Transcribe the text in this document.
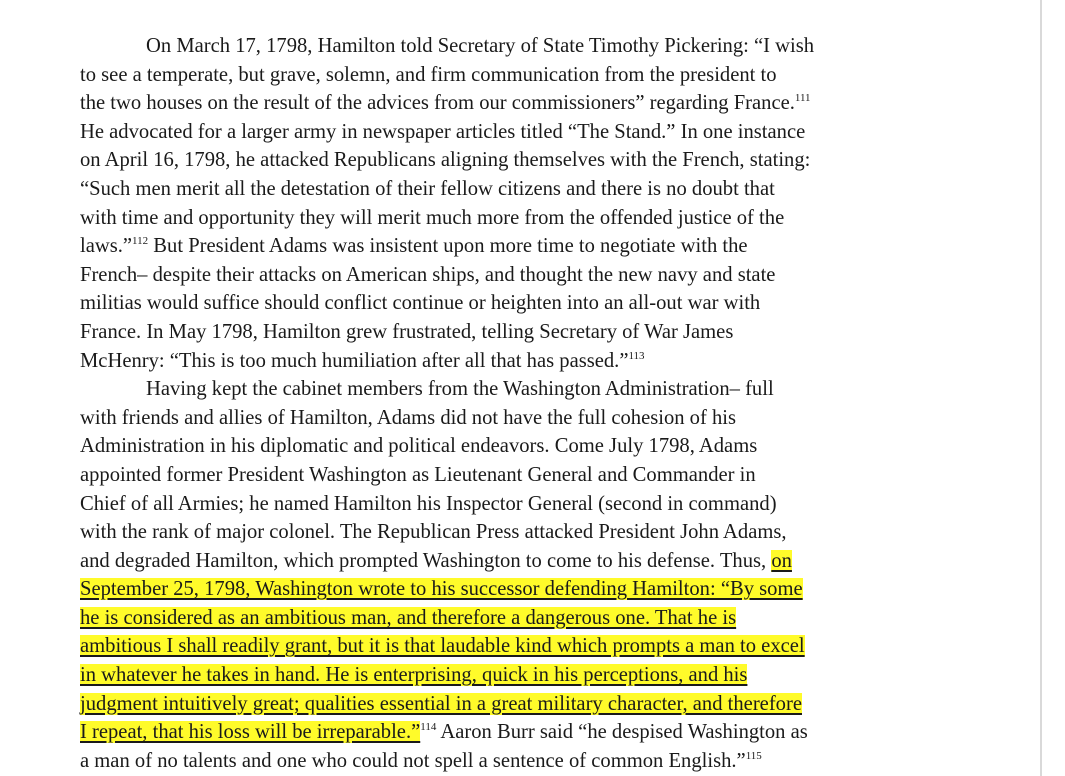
On March 17, 1798, Hamilton told Secretary of State Timothy Pickering: “I wish
to see a temperate, but grave, solemn, and firm communication from the president to
the two houses on the result of the advices from our commissioners” regarding France.$^{111}$
He advocated for a larger army in newspaper articles titled “The Stand.” In one instance
on April 16, 1798, he attacked Republicans aligning themselves with the French, stating:
“Such men merit all the detestation of their fellow citizens and there is no doubt that
with time and opportunity they will merit much more from the offended justice of the
laws.”$^{112}$ But President Adams was insistent upon more time to negotiate with the
French– despite their attacks on American ships, and thought the new navy and state
militias would suffice should conflict continue or heighten into an all-out war with
France. In May 1798, Hamilton grew frustrated, telling Secretary of War James
McHenry: “This is too much humiliation after all that has passed.”$^{113}$
Having kept the cabinet members from the Washington Administration– full
with friends and allies of Hamilton, Adams did not have the full cohesion of his
Administration in his diplomatic and political endeavors. Come July 1798, Adams
appointed former President Washington as Lieutenant General and Commander in
Chief of all Armies; he named Hamilton his Inspector General (second in command)
with the rank of major colonel. The Republican Press attacked President John Adams,
and degraded Hamilton, which prompted Washington to come to his defense. Thus, on
September 25, 1798, Washington wrote to his successor defending Hamilton: “By some
he is considered as an ambitious man, and therefore a dangerous one. That he is
ambitious I shall readily grant, but it is that laudable kind which prompts a man to excel
in whatever he takes in hand. He is enterprising, quick in his perceptions, and his
judgment intuitively great; qualities essential in a great military character, and therefore
I repeat, that his loss will be irreparable.”$^{114}$ Aaron Burr said “he despised Washington as
a man of no talents and one who could not spell a sentence of common English.”$^{115}$
